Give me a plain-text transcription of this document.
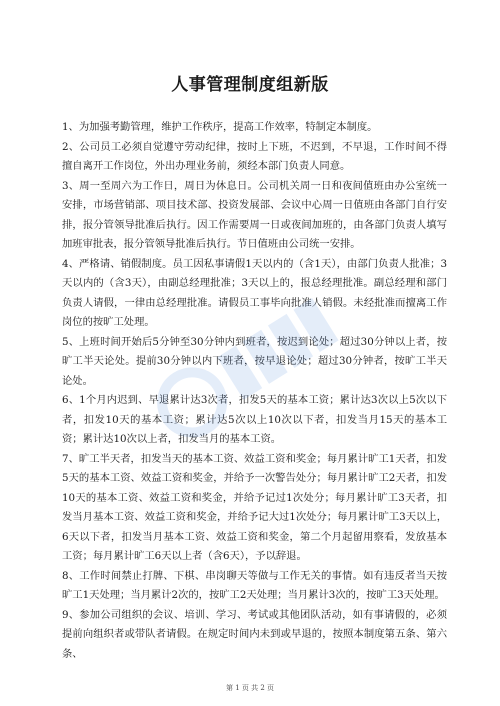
人事管理制度组新版

1、为加强考勤管理，维护工作秩序，提高工作效率，特制定本制度。

2、公司员工必须自觉遵守劳动纪律，按时上下班，不迟到，不早退，工作时间不得擅自离开工作岗位，外出办理业务前，须经本部门负责人同意。

3、周一至周六为工作日，周日为休息日。公司机关周一日和夜间值班由办公室统一安排，市场营销部、项目技术部、投资发展部、会议中心周一日值班由各部门自行安排，报分管领导批准后执行。因工作需要周一日或夜间加班的，由各部门负责人填写加班审批表，报分管领导批准后执行。节日值班由公司统一安排。

4、严格请、销假制度。员工因私事请假1天以内的（含1天），由部门负责人批准；3天以内的（含3天），由副总经理批准；3天以上的，报总经理批准。副总经理和部门负责人请假，一律由总经理批准。请假员工事毕向批准人销假。未经批准而擅离工作岗位的按旷工处理。

5、上班时间开始后5分钟至30分钟内到班者，按迟到论处；超过30分钟以上者，按旷工半天论处。提前30分钟以内下班者，按早退论处；超过30分钟者，按旷工半天论处。

6、1个月内迟到、早退累计达3次者，扣发5天的基本工资；累计达3次以上5次以下者，扣发10天的基本工资；累计达5次以上10次以下者，扣发当月15天的基本工资；累计达10次以上者，扣发当月的基本工资。

7、旷工半天者，扣发当天的基本工资、效益工资和奖金；每月累计旷工1天者，扣发5天的基本工资、效益工资和奖金，并给予一次警告处分；每月累计旷工2天者，扣发10天的基本工资、效益工资和奖金，并给予记过1次处分；每月累计旷工3天者，扣发当月基本工资、效益工资和奖金，并给予记大过1次处分；每月累计旷工3天以上，6天以下者，扣发当月基本工资、效益工资和奖金，第二个月起留用察看，发放基本工资；每月累计旷工6天以上者（含6天），予以辞退。

8、工作时间禁止打牌、下棋、串岗聊天等做与工作无关的事情。如有违反者当天按旷工1天处理；当月累计2次的，按旷工2天处理；当月累计3次的，按旷工3天处理。

9、参加公司组织的会议、培训、学习、考试或其他团队活动，如有事请假的，必须提前向组织者或带队者请假。在规定时间内未到或早退的，按照本制度第五条、第六条、

第 1 页 共 2 页
